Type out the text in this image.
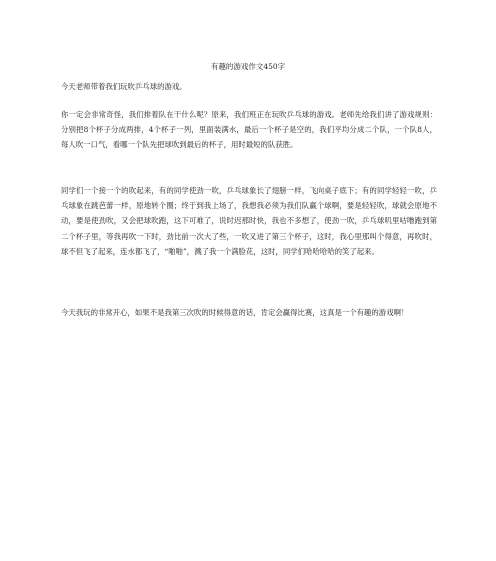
有趣的游戏作文450字

今天老师带着我们玩吹乒乓球的游戏。

你一定会非常奇怪，我们排着队在干什么呢？原来，我们班正在玩吹乒乓球的游戏。老师先给我们讲了游戏规则：分别把8个杯子分成两排，4个杯子一列，里面装满水，最后一个杯子是空的，我们平均分成二个队，一个队8人，每人吹一口气，看哪一个队先把球吹到最后的杯子，用时最短的队获胜。

同学们一个接一个的吹起来，有的同学使劲一吹，乒乓球象长了翅膀一样，飞向桌子底下；有的同学轻轻一吹，乒乓球象在跳芭蕾一样，原地转个圈；终于到我上场了，我想我必须为我们队赢个球啊，要是轻轻吹，球就会原地不动，要是使劲吹，又会把球吹跑，这下可难了，说时迟那时快，我也不多想了，使劲一吹，乒乓球叽里咕噜跑到第二个杯子里，等我再吹一下时，劲比前一次大了些，一吹又进了第三个杯子，这时，我心里那叫个得意，再吹时，球不但飞了起来，连水都飞了，“啪啪”，溅了我一个满脸花，这时，同学们哈哈哈哈的笑了起来。

今天我玩的非常开心，如果不是我第三次吹的时候得意的话，肯定会赢得比赛，这真是一个有趣的游戏啊！
